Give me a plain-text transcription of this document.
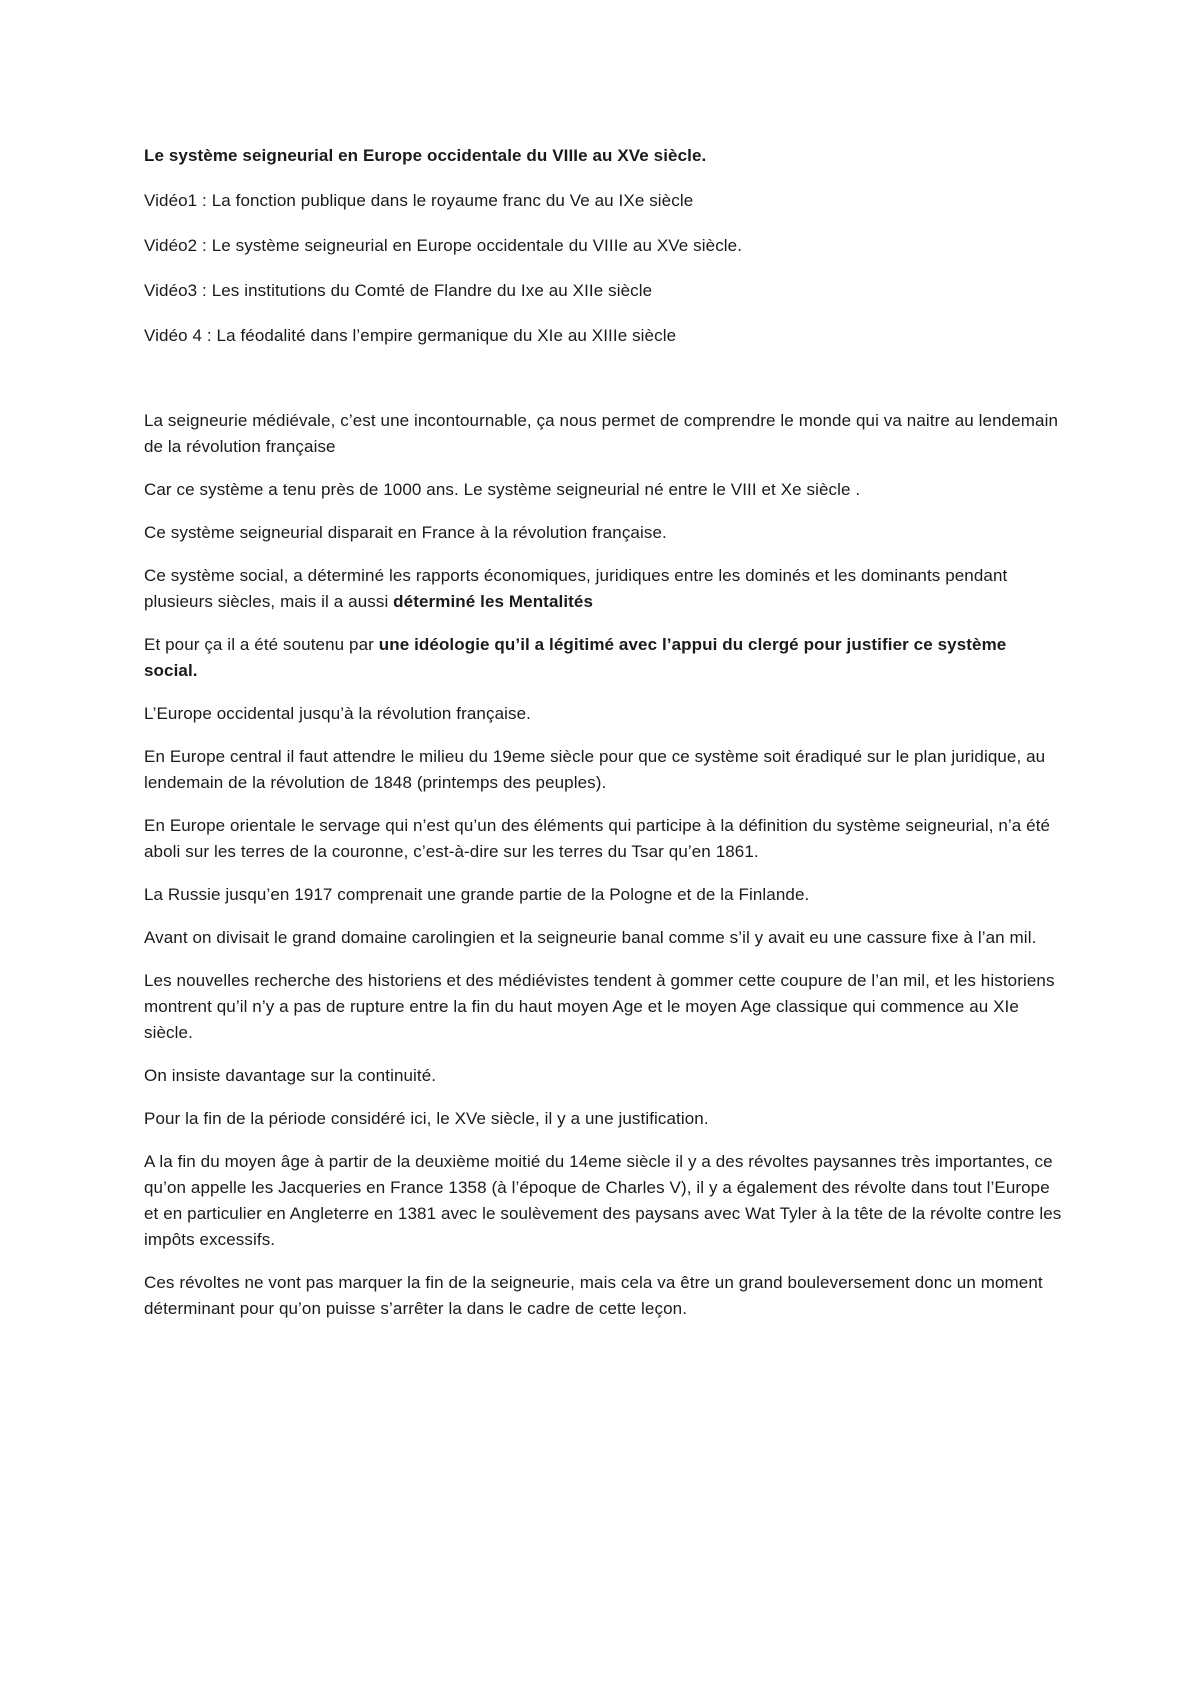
Le système seigneurial en Europe occidentale du VIIIe au XVe siècle.

Vidéo1 : La fonction publique dans le royaume franc du Ve au IXe siècle
Vidéo2 : Le système seigneurial en Europe occidentale du VIIIe au XVe siècle.
Vidéo3 : Les institutions du Comté de Flandre du Ixe au XIIe siècle
Vidéo 4 : La féodalité dans l’empire germanique du XIe au XIIIe siècle

La seigneurie médiévale, c’est une incontournable, ça nous permet de comprendre le monde qui va naitre au lendemain de la révolution française

Car ce système a tenu près de 1000 ans. Le système seigneurial né entre le VIII et Xe siècle .

Ce système seigneurial disparait en France à la révolution française.

Ce système social, a déterminé les rapports économiques, juridiques entre les dominés et les dominants pendant plusieurs siècles, mais il a aussi déterminé les Mentalités

Et pour ça il a été soutenu par une idéologie qu’il a légitimé avec l’appui du clergé pour justifier ce système social.

L’Europe occidental jusqu’à la révolution française.

En Europe central il faut attendre le milieu du 19eme siècle pour que ce système soit éradiqué sur le plan juridique, au lendemain de la révolution de 1848 (printemps des peuples).

En Europe orientale le servage qui n’est qu’un des éléments qui participe à la définition du système seigneurial, n’a été aboli sur les terres de la couronne, c’est-à-dire sur les terres du Tsar qu’en 1861.

La Russie jusqu’en 1917 comprenait une grande partie de la Pologne et de la Finlande.

Avant on divisait le grand domaine carolingien et la seigneurie banal comme s’il y avait eu une cassure fixe à l’an mil.

Les nouvelles recherche des historiens et des médiévistes tendent à gommer cette coupure de l’an mil, et les historiens montrent qu’il n’y a pas de rupture entre la fin du haut moyen Age et le moyen Age classique qui commence au XIe siècle.

On insiste davantage sur la continuité.

Pour la fin de la période considéré ici, le XVe siècle, il y a une justification.

A la fin du moyen âge à partir de la deuxième moitié du 14eme siècle il y a des révoltes paysannes très importantes, ce qu’on appelle les Jacqueries en France 1358 (à l’époque de Charles V), il y a également des révolte dans tout l’Europe et en particulier en Angleterre en 1381 avec le soulèvement des paysans avec Wat Tyler à la tête de la révolte contre les impôts excessifs.

Ces révoltes ne vont pas marquer la fin de la seigneurie, mais cela va être un grand bouleversement donc un moment déterminant pour qu’on puisse s’arrêter la dans le cadre de cette leçon.
